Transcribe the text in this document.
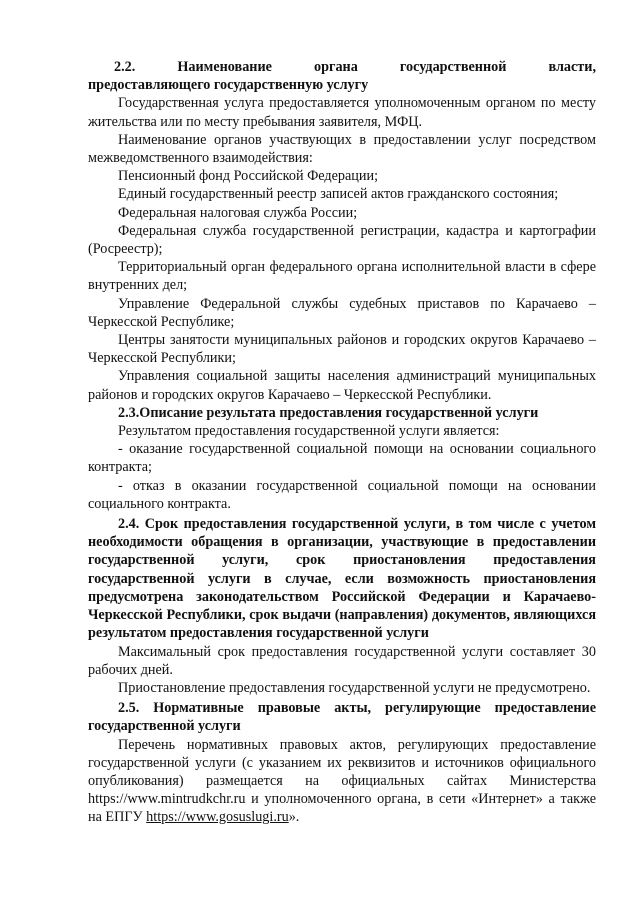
2.2.	Наименование	органа	государственной	власти,

предоставляющего государственную услугу

Государственная услуга предоставляется уполномоченным органом по месту жительства или по месту пребывания заявителя, МФЦ.

Наименование органов участвующих в предоставлении услуг посредством межведомственного взаимодействия:

Пенсионный фонд Российской Федерации;

Единый государственный реестр записей актов гражданского состояния;

Федеральная налоговая служба России;

Федеральная служба государственной регистрации, кадастра и картографии (Росреестр);

Территориальный орган федерального органа исполнительной власти в сфере внутренних дел;

Управление Федеральной службы судебных приставов по Карачаево – Черкесской Республике;

Центры занятости муниципальных районов и городских округов Карачаево – Черкесской Республики;

Управления социальной защиты населения администраций муниципальных районов и городских округов Карачаево – Черкесской Республики.

2.3.Описание результата предоставления государственной услуги

Результатом предоставления государственной услуги является:

- оказание государственной социальной помощи на основании социального контракта;

- отказ в оказании государственной социальной помощи на основании социального контракта.

2.4. Срок предоставления государственной услуги, в том числе с учетом необходимости обращения в организации, участвующие в предоставлении государственной услуги, срок приостановления предоставления государственной услуги в случае, если возможность приостановления предусмотрена законодательством Российской Федерации и Карачаево-Черкесской Республики, срок выдачи (направления) документов, являющихся результатом предоставления государственной услуги

Максимальный срок предоставления государственной услуги составляет 30 рабочих дней.

Приостановление предоставления государственной услуги не предусмотрено.

2.5. Нормативные правовые акты, регулирующие предоставление государственной услуги

Перечень нормативных правовых актов, регулирующих предоставление государственной услуги (с указанием их реквизитов и источников официального опубликования) размещается на официальных сайтах Министерства https://www.mintrudkchr.ru и уполномоченного органа, в сети «Интернет» а также на ЕПГУ https://www.gosuslugi.ru».
